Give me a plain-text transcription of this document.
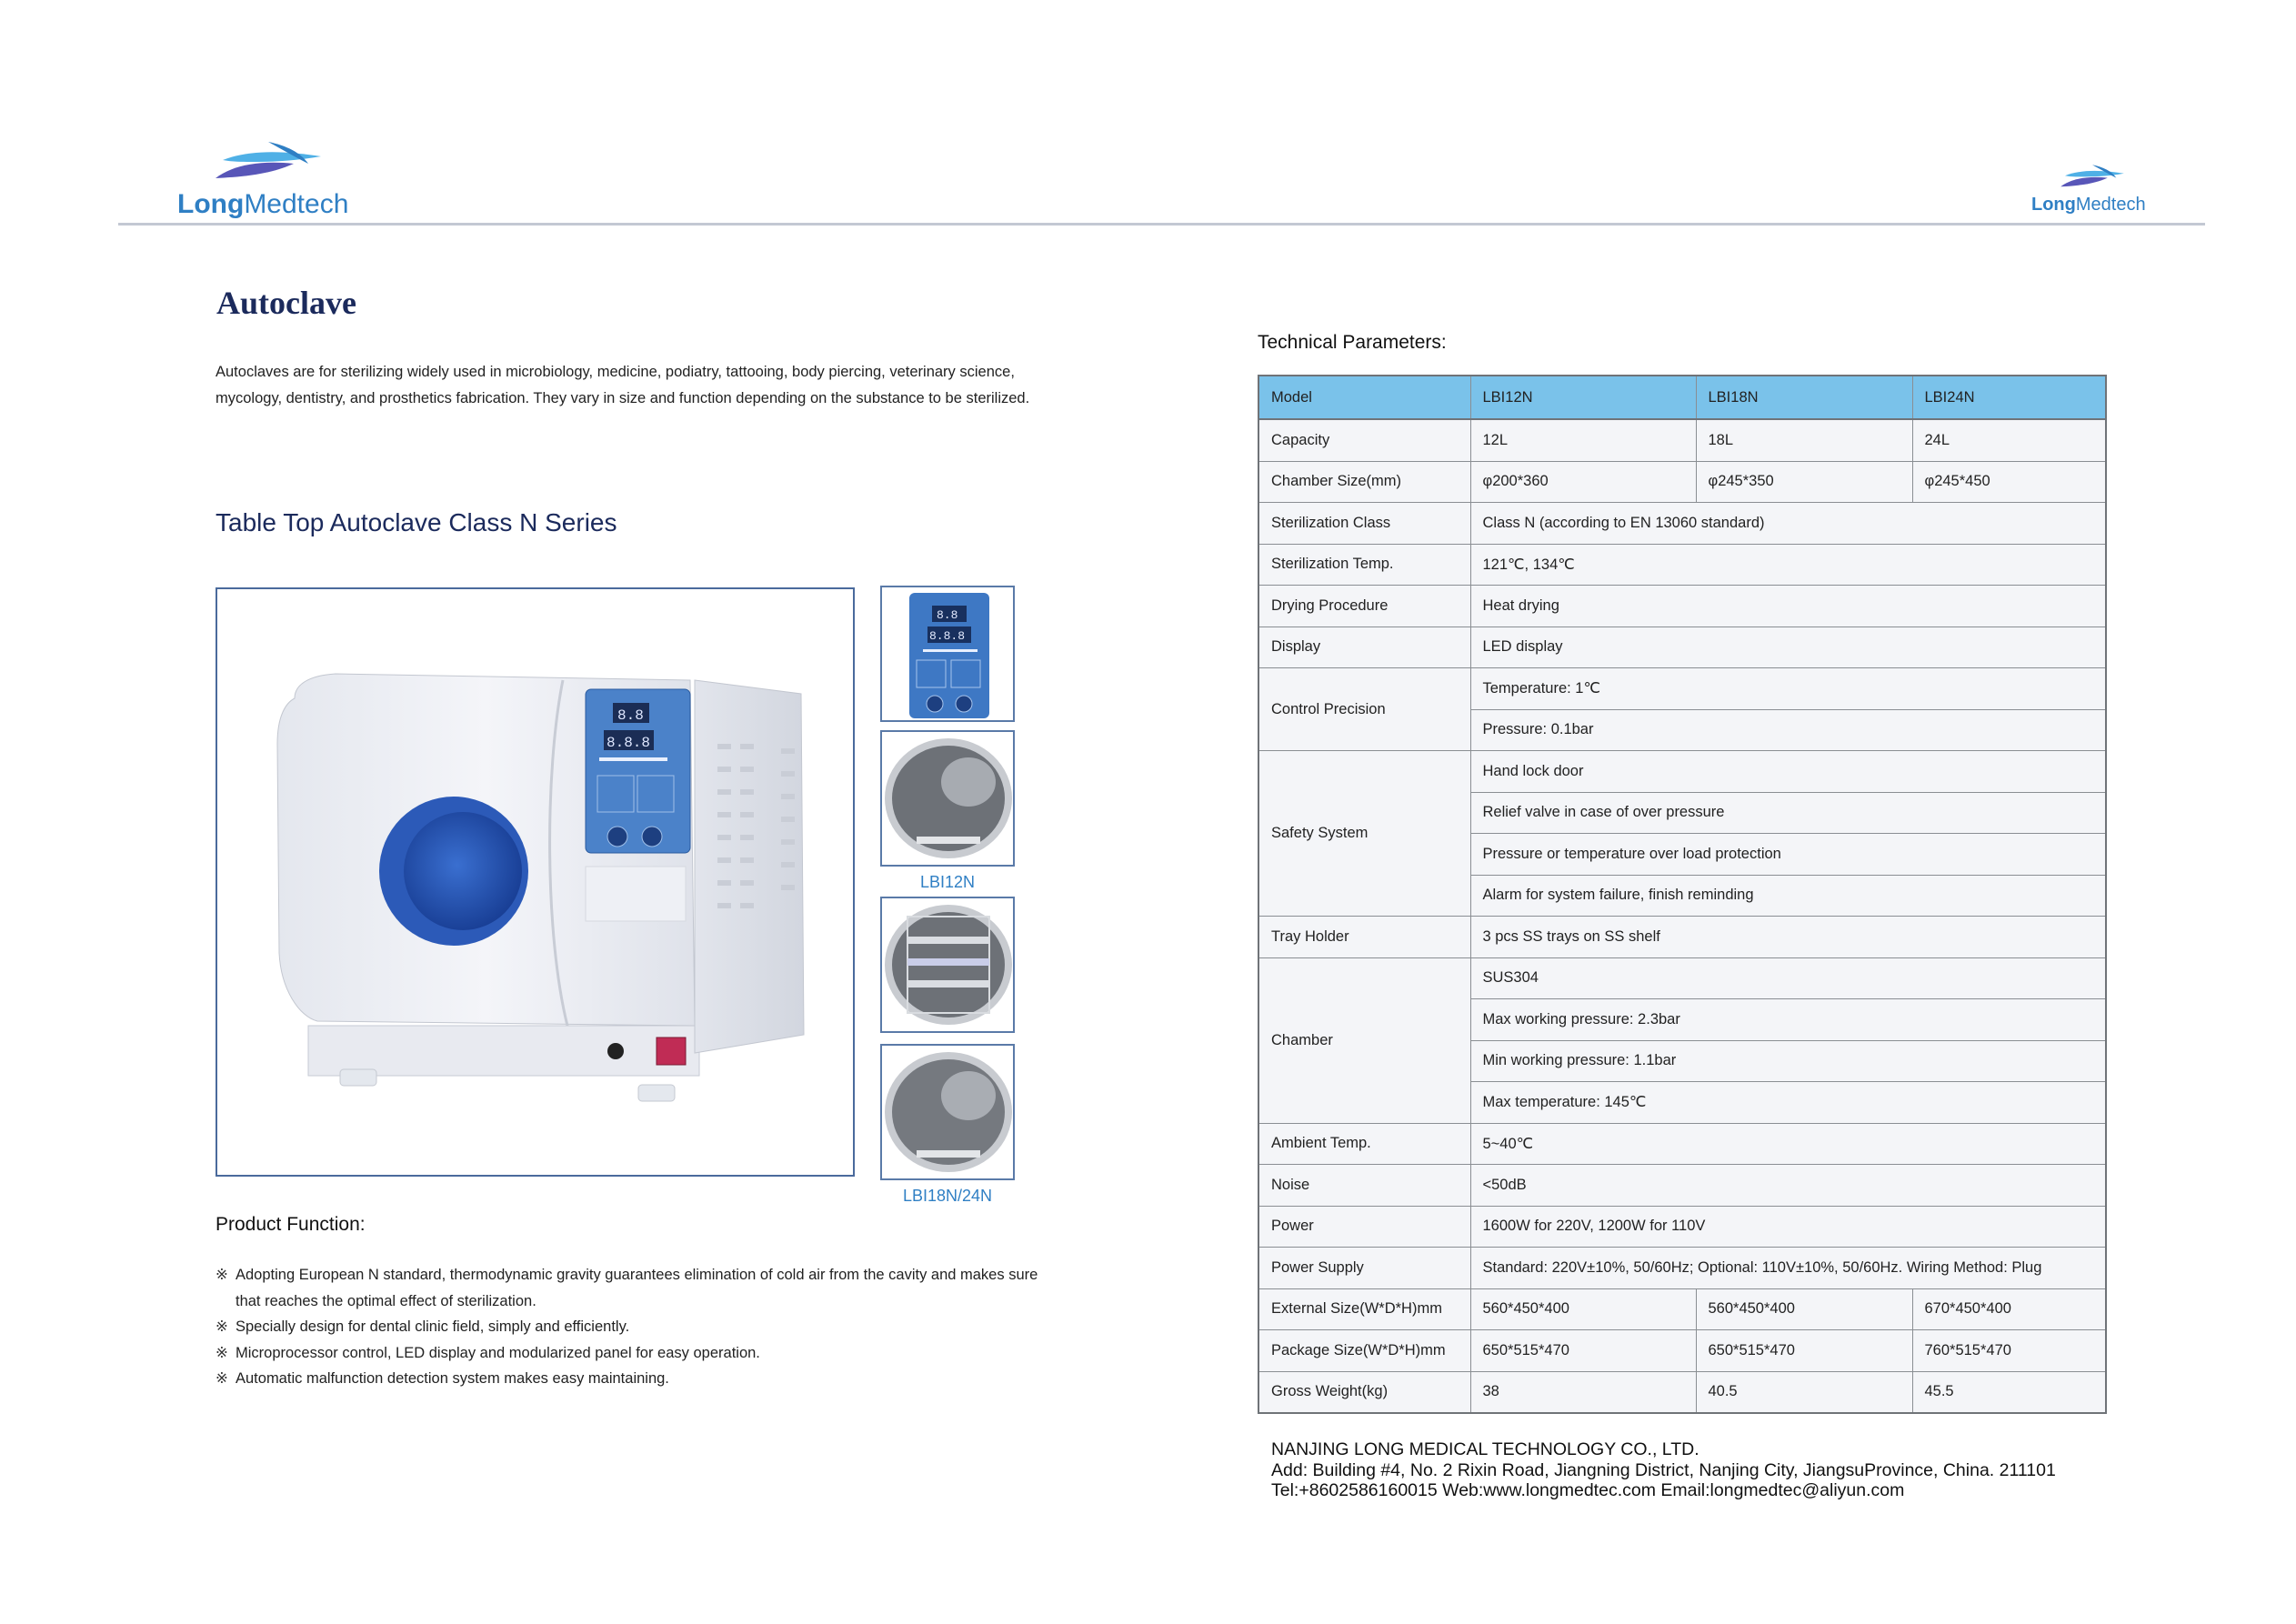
LongMedtech	LongMedtech
Autoclave

Autoclaves are for sterilizing widely used in microbiology, medicine, podiatry, tattooing, body piercing, veterinary science, mycology, dentistry, and prosthetics fabrication. They vary in size and function depending on the substance to be sterilized.

Table Top Autoclave Class N Series
8.8
8.8.8
8.8
8.8.8
LBI12N
LBI18N/24N
Product Function:
※ Adopting European N standard, thermodynamic gravity guarantees elimination of cold air from the cavity and makes sure that reaches the optimal effect of sterilization.
※ Specially design for dental clinic field, simply and efficiently.
※ Microprocessor control, LED display and modularized panel for easy operation.
※ Automatic malfunction detection system makes easy maintaining.
Technical Parameters:
Model	LBI12N	LBI18N	LBI24N
Capacity	12L	18L	24L
Chamber Size(mm)	φ200*360	φ245*350	φ245*450
Sterilization Class	Class N (according to EN 13060 standard)		
Sterilization Temp.	121℃, 134℃		
Drying Procedure	Heat drying		
Display	LED display		
Control Precision	Temperature: 1℃		
	Pressure: 0.1bar		
Safety System	Hand lock door		
	Relief valve in case of over pressure		
	Pressure or temperature over load protection		
	Alarm for system failure, finish reminding		
Tray Holder	3 pcs SS trays on SS shelf		
Chamber	SUS304		
	Max working pressure: 2.3bar		
	Min working pressure: 1.1bar		
	Max temperature: 145℃		
Ambient Temp.	5~40℃		
Noise	<50dB		
Power	1600W for 220V, 1200W for 110V		
Power Supply	Standard: 220V±10%, 50/60Hz; Optional: 110V±10%, 50/60Hz. Wiring Method: Plug		
External Size(W*D*H)mm	560*450*400	560*450*400	670*450*400
Package Size(W*D*H)mm	650*515*470	650*515*470	760*515*470
Gross Weight(kg)	38	40.5	45.5
NANJING LONG MEDICAL TECHNOLOGY CO., LTD.
Add: Building #4, No. 2 Rixin Road, Jiangning District, Nanjing City, JiangsuProvince, China. 211101
Tel:+8602586160015 Web:www.longmedtec.com Email:longmedtec@aliyun.com
